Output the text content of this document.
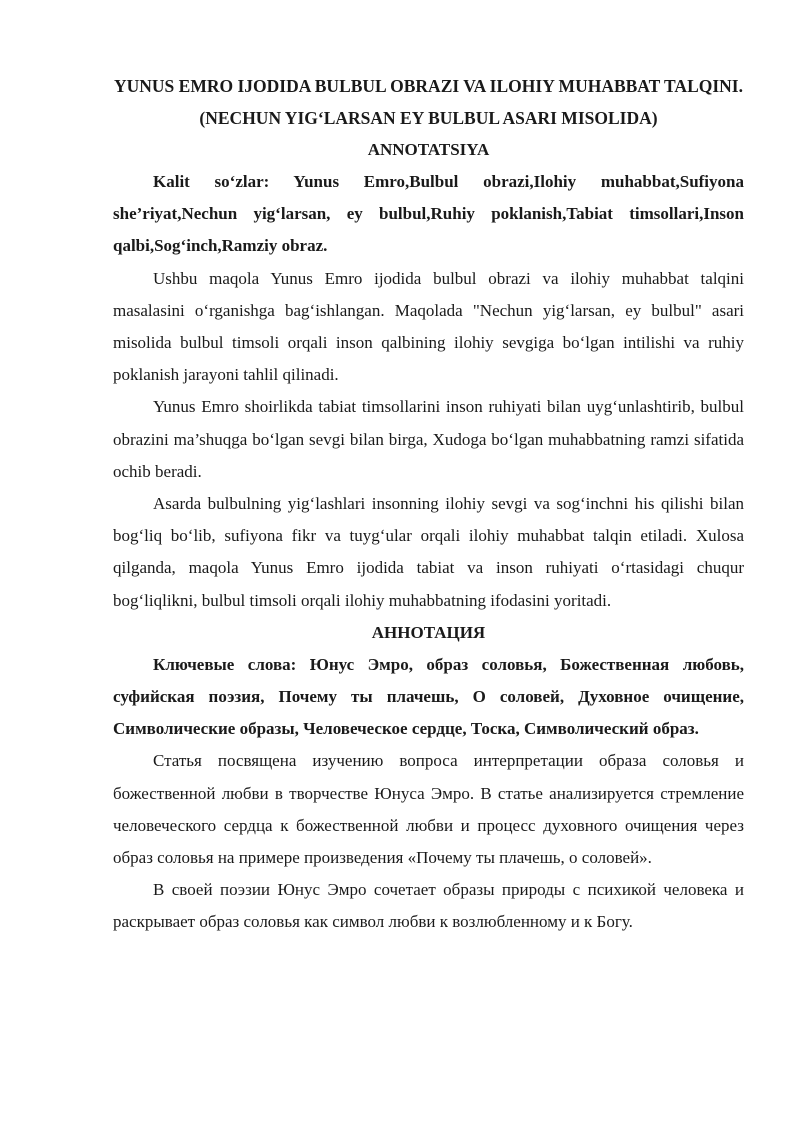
YUNUS EMRO IJODIDA BULBUL OBRAZI VA ILOHIY MUHABBAT TALQINI. (NECHUN YIG‘LARSAN EY BULBUL ASARI MISOLIDA)
ANNOTATSIYA

Kalit so‘zlar: Yunus Emro,Bulbul obrazi,Ilohiy muhabbat,Sufiyona she’riyat,Nechun yig‘larsan, ey bulbul,Ruhiy poklanish,Tabiat timsollari,Inson qalbi,Sog‘inch,Ramziy obraz.

Ushbu maqola Yunus Emro ijodida bulbul obrazi va ilohiy muhabbat talqini masalasini o‘rganishga bag‘ishlangan. Maqolada "Nechun yig‘larsan, ey bulbul" asari misolida bulbul timsoli orqali inson qalbining ilohiy sevgiga bo‘lgan intilishi va ruhiy poklanish jarayoni tahlil qilinadi.

Yunus Emro shoirlikda tabiat timsollarini inson ruhiyati bilan uyg‘unlashtirib, bulbul obrazini ma’shuqga bo‘lgan sevgi bilan birga, Xudoga bo‘lgan muhabbatning ramzi sifatida ochib beradi.

Asarda bulbulning yig‘lashlari insonning ilohiy sevgi va sog‘inchni his qilishi bilan bog‘liq bo‘lib, sufiyona fikr va tuyg‘ular orqali ilohiy muhabbat talqin etiladi. Xulosa qilganda, maqola Yunus Emro ijodida tabiat va inson ruhiyati o‘rtasidagi chuqur bog‘liqlikni, bulbul timsoli orqali ilohiy muhabbatning ifodasini yoritadi.

АННОТАЦИЯ

Ключевые слова: Юнус Эмро, образ соловья, Божественная любовь, суфийская поэзия, Почему ты плачешь, О соловей, Духовное очищение, Символические образы, Человеческое сердце, Тоска, Символический образ.

Статья посвящена изучению вопроса интерпретации образа соловья и божественной любви в творчестве Юнуса Эмро. В статье анализируется стремление человеческого сердца к божественной любви и процесс духовного очищения через образ соловья на примере произведения «Почему ты плачешь, о соловей».

В своей поэзии Юнус Эмро сочетает образы природы с психикой человека и раскрывает образ соловья как символ любви к возлюбленному и к Богу.
